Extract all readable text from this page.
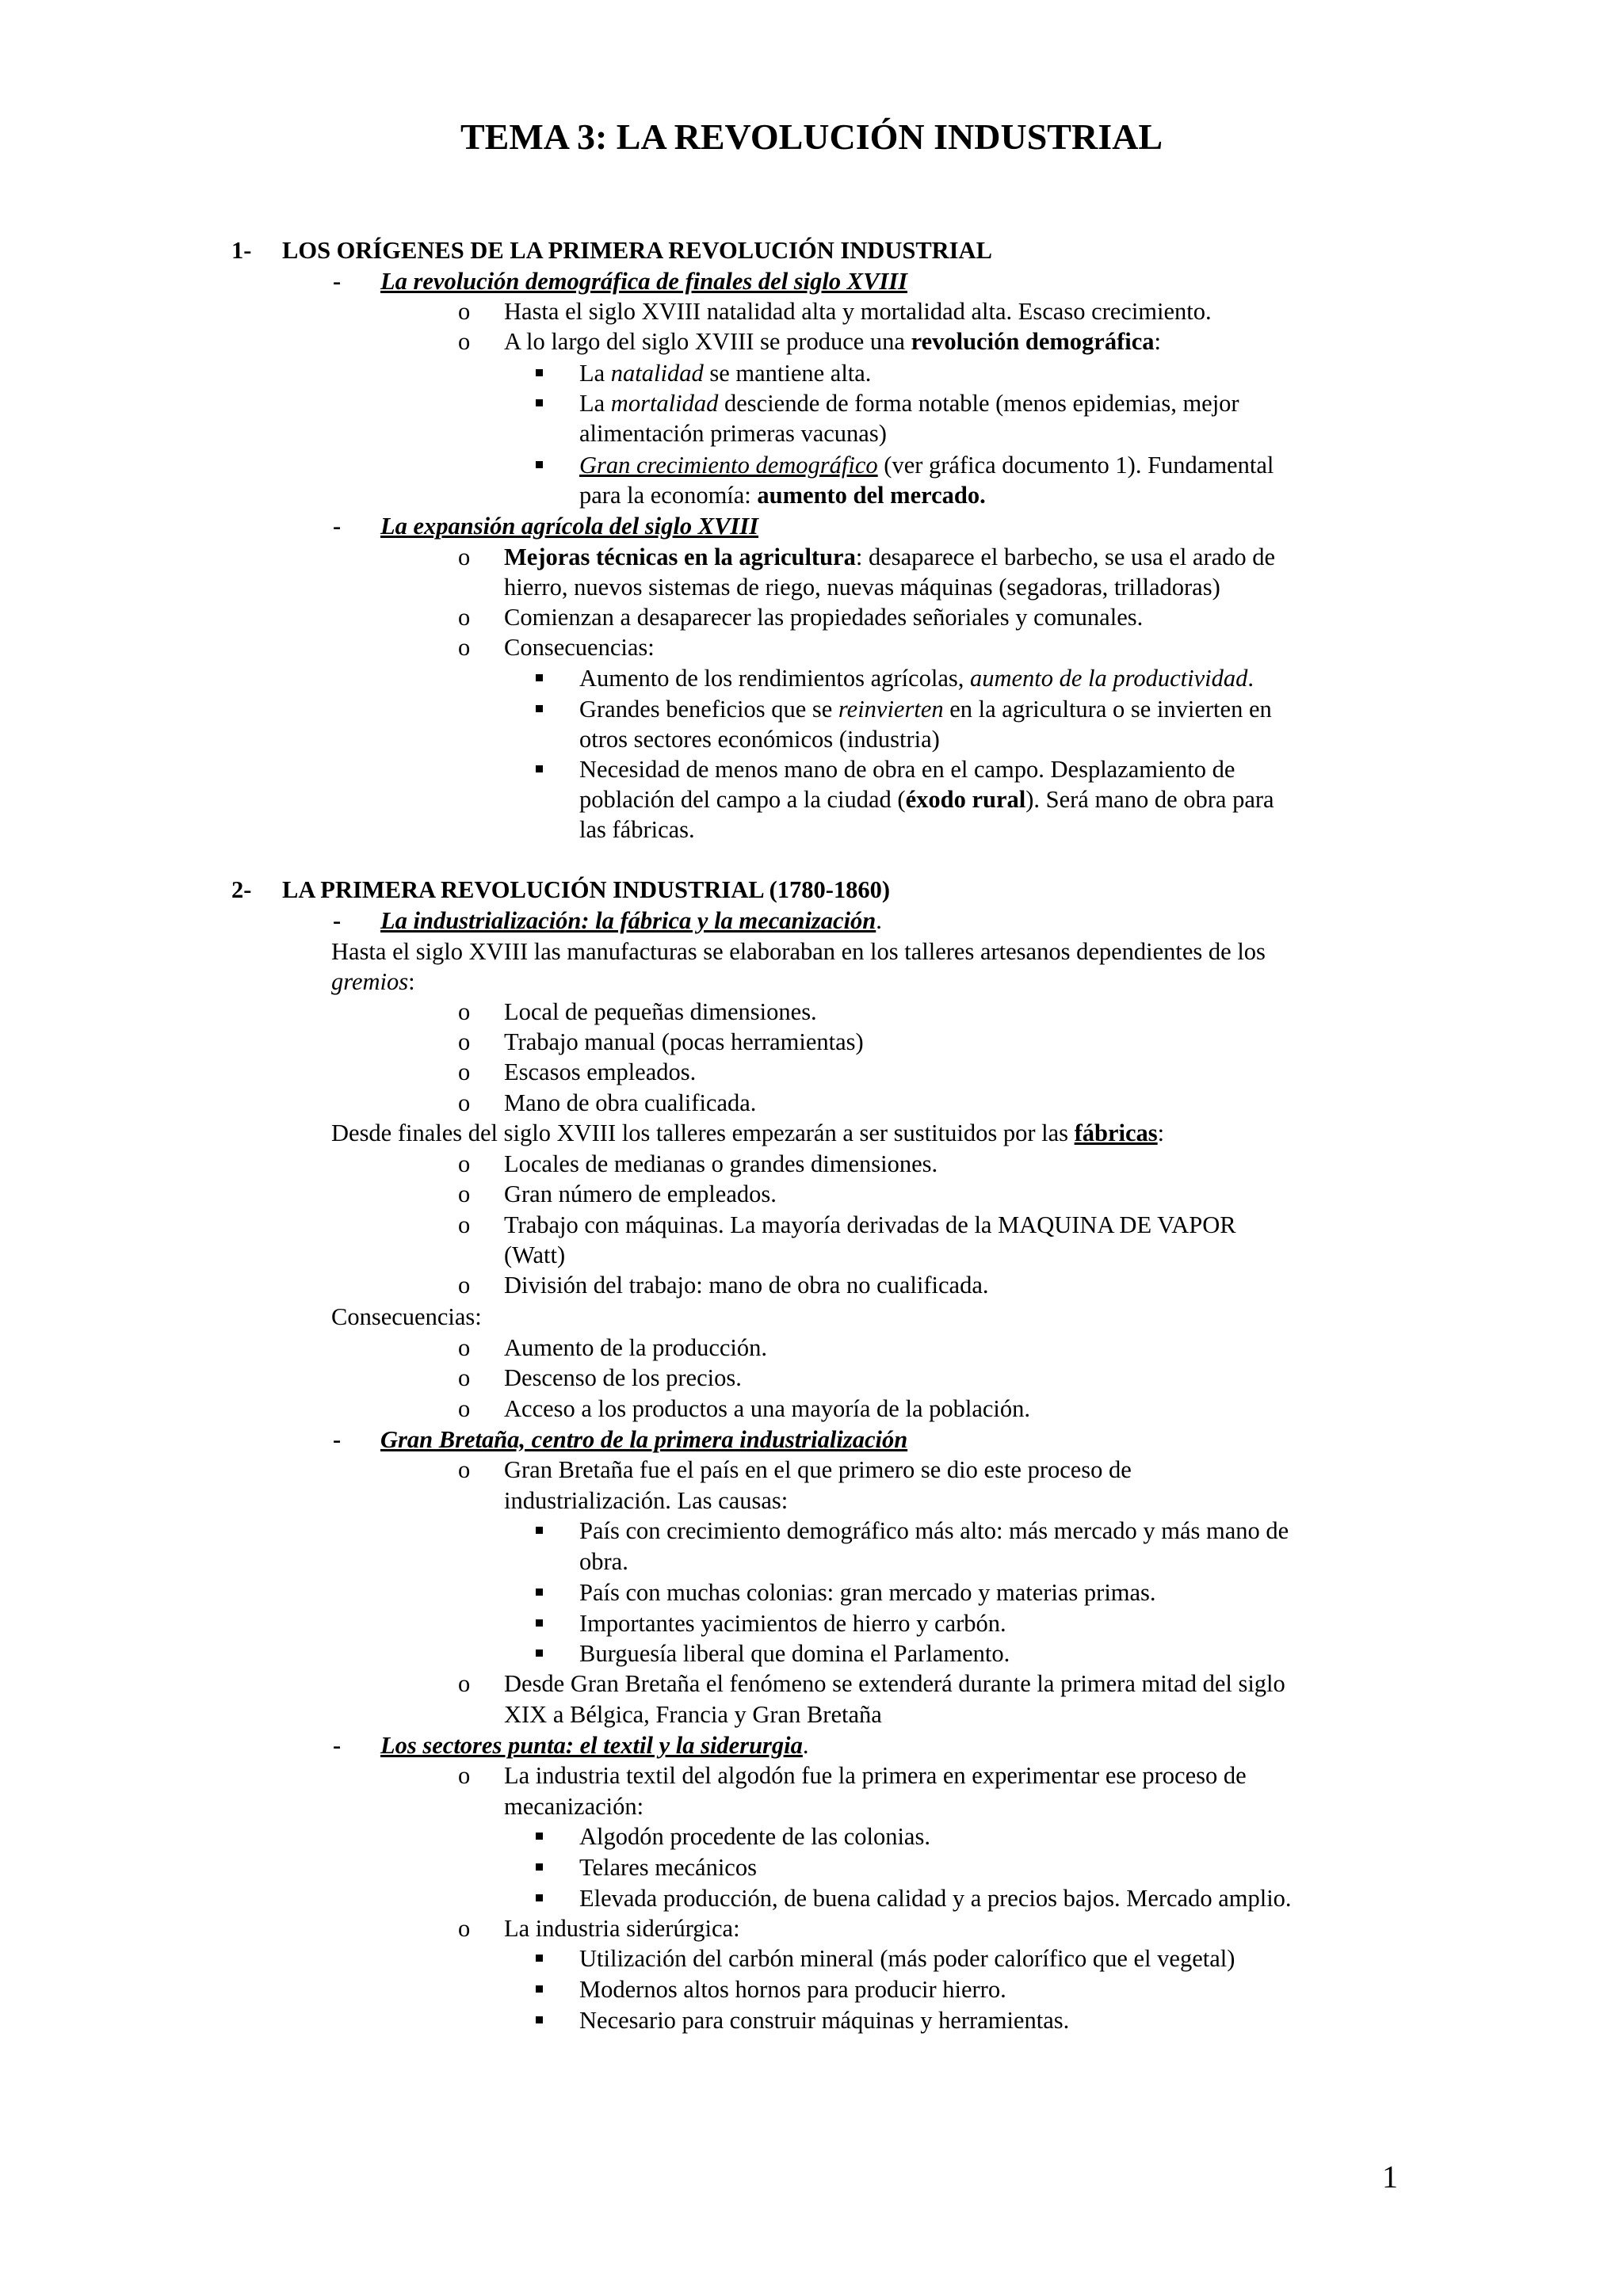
TEMA 3: LA REVOLUCIÓN INDUSTRIAL
1- LOS ORÍGENES DE LA PRIMERA REVOLUCIÓN INDUSTRIAL
- La revolución demográfica de finales del siglo XVIII
o Hasta el siglo XVIII natalidad alta y mortalidad alta. Escaso crecimiento.
o A lo largo del siglo XVIII se produce una revolución demográfica:
La natalidad se mantiene alta.
La mortalidad desciende de forma notable (menos epidemias, mejor
alimentación primeras vacunas)
Gran crecimiento demográfico (ver gráfica documento 1). Fundamental
para la economía: aumento del mercado.
- La expansión agrícola del siglo XVIII
o Mejoras técnicas en la agricultura: desaparece el barbecho, se usa el arado de
hierro, nuevos sistemas de riego, nuevas máquinas (segadoras, trilladoras)
o Comienzan a desaparecer las propiedades señoriales y comunales.
o Consecuencias:
Aumento de los rendimientos agrícolas, aumento de la productividad.
Grandes beneficios que se reinvierten en la agricultura o se invierten en
otros sectores económicos (industria)
Necesidad de menos mano de obra en el campo. Desplazamiento de
población del campo a la ciudad (éxodo rural). Será mano de obra para
las fábricas.
2- LA PRIMERA REVOLUCIÓN INDUSTRIAL (1780-1860)
- La industrialización: la fábrica y la mecanización.
Hasta el siglo XVIII las manufacturas se elaboraban en los talleres artesanos dependientes de los
gremios:
o Local de pequeñas dimensiones.
o Trabajo manual (pocas herramientas)
o Escasos empleados.
o Mano de obra cualificada.
Desde finales del siglo XVIII los talleres empezarán a ser sustituidos por las fábricas:
o Locales de medianas o grandes dimensiones.
o Gran número de empleados.
o Trabajo con máquinas. La mayoría derivadas de la MAQUINA DE VAPOR
(Watt)
o División del trabajo: mano de obra no cualificada.
Consecuencias:
o Aumento de la producción.
o Descenso de los precios.
o Acceso a los productos a una mayoría de la población.
- Gran Bretaña, centro de la primera industrialización
o Gran Bretaña fue el país en el que primero se dio este proceso de
industrialización. Las causas:
País con crecimiento demográfico más alto: más mercado y más mano de
obra.
País con muchas colonias: gran mercado y materias primas.
Importantes yacimientos de hierro y carbón.
Burguesía liberal que domina el Parlamento.
o Desde Gran Bretaña el fenómeno se extenderá durante la primera mitad del siglo
XIX a Bélgica, Francia y Gran Bretaña
- Los sectores punta: el textil y la siderurgia.
o La industria textil del algodón fue la primera en experimentar ese proceso de
mecanización:
Algodón procedente de las colonias.
Telares mecánicos
Elevada producción, de buena calidad y a precios bajos. Mercado amplio.
o La industria siderúrgica:
Utilización del carbón mineral (más poder calorífico que el vegetal)
Modernos altos hornos para producir hierro.
Necesario para construir máquinas y herramientas.
1
